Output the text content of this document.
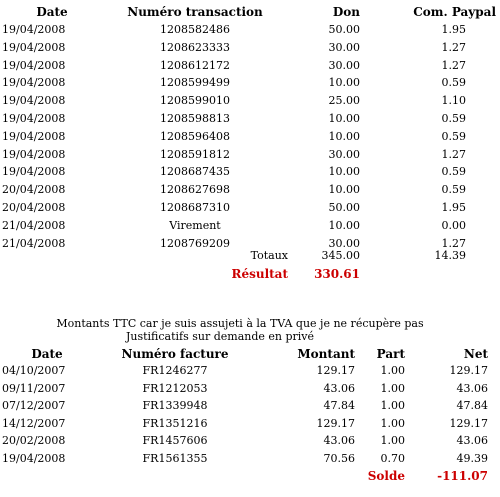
Date	Numéro transaction	Don	Com. Paypal
19/04/2008	1208582486	50.00	1.95
19/04/2008	1208623333	30.00	1.27
19/04/2008	1208612172	30.00	1.27
19/04/2008	1208599499	10.00	0.59
19/04/2008	1208599010	25.00	1.10
19/04/2008	1208598813	10.00	0.59
19/04/2008	1208596408	10.00	0.59
19/04/2008	1208591812	30.00	1.27
19/04/2008	1208687435	10.00	0.59
20/04/2008	1208627698	10.00	0.59
20/04/2008	1208687310	50.00	1.95
21/04/2008	Virement	10.00	0.00
21/04/2008	1208769209	30.00	1.27
Totaux	345.00	14.39
Résultat	330.61
Montants TTC car je suis assujeti à la TVA que je ne récupère pas
Justificatifs sur demande en privé
Date	Numéro facture	Montant	Part	Net
04/10/2007	FR1246277	129.17	1.00	129.17
09/11/2007	FR1212053	43.06	1.00	43.06
07/12/2007	FR1339948	47.84	1.00	47.84
14/12/2007	FR1351216	129.17	1.00	129.17
20/02/2008	FR1457606	43.06	1.00	43.06
19/04/2008	FR1561355	70.56	0.70	49.39
Solde	-111.07
